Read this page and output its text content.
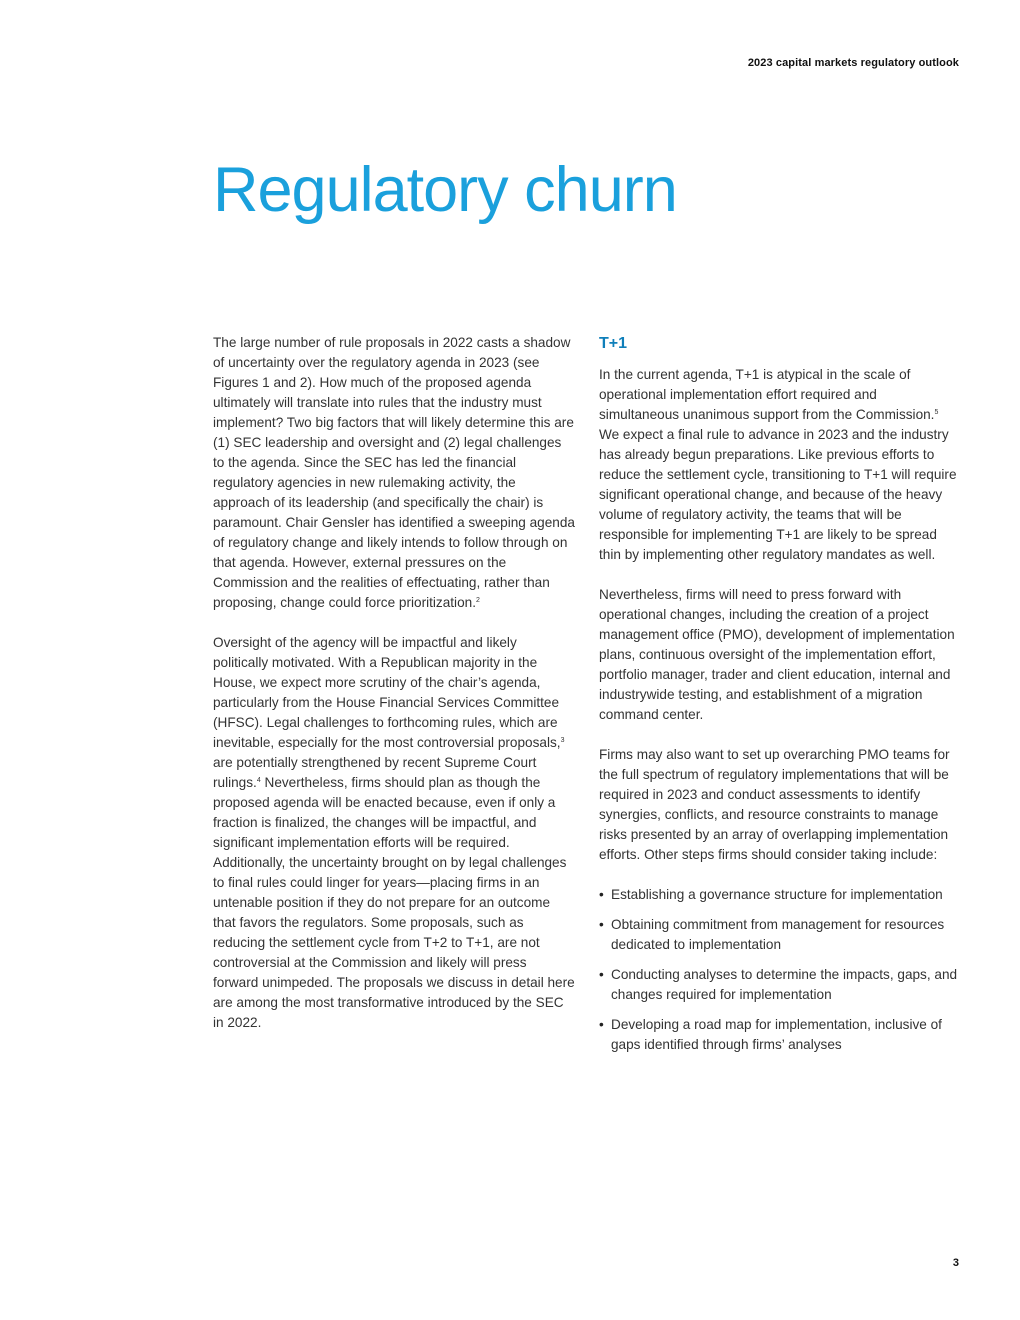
2023 capital markets regulatory outlook
Regulatory churn

The large number of rule proposals in 2022 casts a shadow of uncertainty over the regulatory agenda in 2023 (see Figures 1 and 2). How much of the proposed agenda ultimately will translate into rules that the industry must implement? Two big factors that will likely determine this are (1) SEC leadership and oversight and (2) legal challenges to the agenda. Since the SEC has led the financial regulatory agencies in new rulemaking activity, the approach of its leadership (and specifically the chair) is paramount. Chair Gensler has identified a sweeping agenda of regulatory change and likely intends to follow through on that agenda. However, external pressures on the Commission and the realities of effectuating, rather than proposing, change could force prioritization.$^2$

Oversight of the agency will be impactful and likely politically motivated. With a Republican majority in the House, we expect more scrutiny of the chair’s agenda, particularly from the House Financial Services Committee (HFSC). Legal challenges to forthcoming rules, which are inevitable, especially for the most controversial proposals,$^3$ are potentially strengthened by recent Supreme Court rulings.$^4$ Nevertheless, firms should plan as though the proposed agenda will be enacted because, even if only a fraction is finalized, the changes will be impactful, and significant implementation efforts will be required. Additionally, the uncertainty brought on by legal challenges to final rules could linger for years—placing firms in an untenable position if they do not prepare for an outcome that favors the regulators. Some proposals, such as reducing the settlement cycle from T+2 to T+1, are not controversial at the Commission and likely will press forward unimpeded. The proposals we discuss in detail here are among the most transformative introduced by the SEC in 2022.

T+1

In the current agenda, T+1 is atypical in the scale of operational implementation effort required and simultaneous unanimous support from the Commission.$^5$ We expect a final rule to advance in 2023 and the industry has already begun preparations. Like previous efforts to reduce the settlement cycle, transitioning to T+1 will require significant operational change, and because of the heavy volume of regulatory activity, the teams that will be responsible for implementing T+1 are likely to be spread thin by implementing other regulatory mandates as well.

Nevertheless, firms will need to press forward with operational changes, including the creation of a project management office (PMO), development of implementation plans, continuous oversight of the implementation effort, portfolio manager, trader and client education, internal and industrywide testing, and establishment of a migration command center.

Firms may also want to set up overarching PMO teams for the full spectrum of regulatory implementations that will be required in 2023 and conduct assessments to identify synergies, conflicts, and resource constraints to manage risks presented by an array of overlapping implementation efforts. Other steps firms should consider taking include:

• Establishing a governance structure for implementation
• Obtaining commitment from management for resources dedicated to implementation
• Conducting analyses to determine the impacts, gaps, and changes required for implementation
• Developing a road map for implementation, inclusive of gaps identified through firms’ analyses
3
